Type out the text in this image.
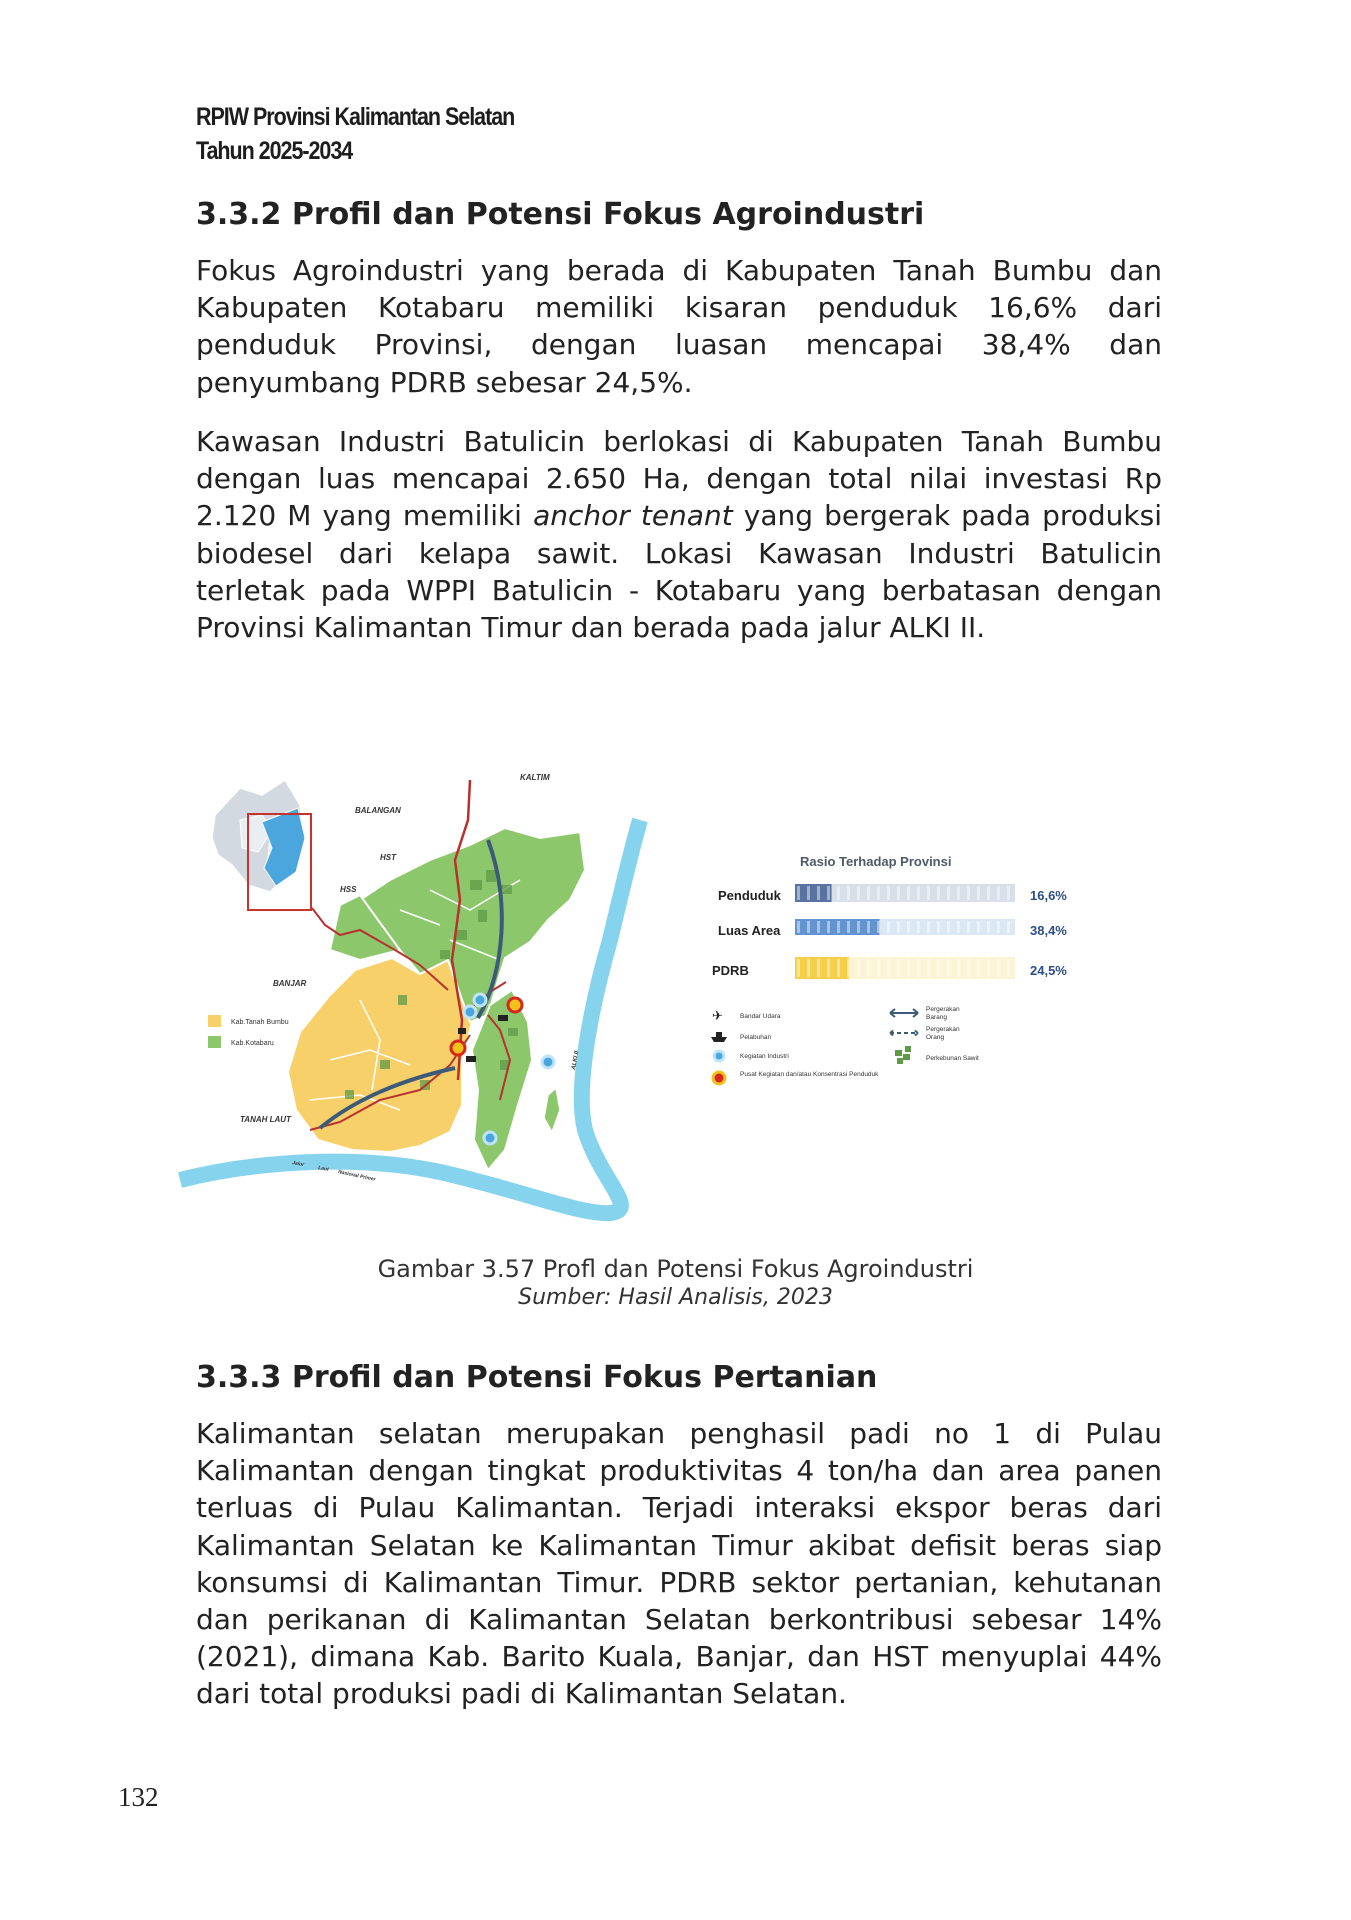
RPIW Provinsi Kalimantan Selatan
Tahun 2025-2034
3.3.2 Profil dan Potensi Fokus Agroindustri

Fokus Agroindustri yang berada di Kabupaten Tanah Bumbu dan Kabupaten Kotabaru memiliki kisaran penduduk 16,6% dari penduduk Provinsi, dengan luasan mencapai 38,4% dan penyumbang PDRB sebesar 24,5%.

Kawasan Industri Batulicin berlokasi di Kabupaten Tanah Bumbu dengan luas mencapai 2.650 Ha, dengan total nilai investasi Rp 2.120 M yang memiliki anchor tenant yang bergerak pada produksi biodesel dari kelapa sawit. Lokasi Kawasan Industri Batulicin terletak pada WPPI Batulicin - Kotabaru yang berbatasan dengan Provinsi Kalimantan Timur dan berada pada jalur ALKI II.

KALTIM
BALANGAN
HST
HSS
BANJAR
TANAH LAUT
ALKI II
Jalur
Laut
Nasional Primer
Kab.Tanah Bumbu
Kab.Kotabaru
Rasio Terhadap Provinsi
Penduduk	16,6%
Luas Area	38,4%
PDRB	24,5%
✈	Bandar Udara
Pelabuhan
Kegiatan Industri
Pusat Kegiatan dan/atau Konsentrasi Penduduk
Pergerakan Barang
Pergerakan Orang
Perkebunan Sawit
Gambar 3.57 Profl dan Potensi Fokus Agroindustri
Sumber: Hasil Analisis, 2023
3.3.3 Profil dan Potensi Fokus Pertanian

Kalimantan selatan merupakan penghasil padi no 1 di Pulau Kalimantan dengan tingkat produktivitas 4 ton/ha dan area panen terluas di Pulau Kalimantan. Terjadi interaksi ekspor beras dari Kalimantan Selatan ke Kalimantan Timur akibat defisit beras siap konsumsi di Kalimantan Timur. PDRB sektor pertanian, kehutanan dan perikanan di Kalimantan Selatan berkontribusi sebesar 14% (2021), dimana Kab. Barito Kuala, Banjar, dan HST menyuplai 44% dari total produksi padi di Kalimantan Selatan.

132
